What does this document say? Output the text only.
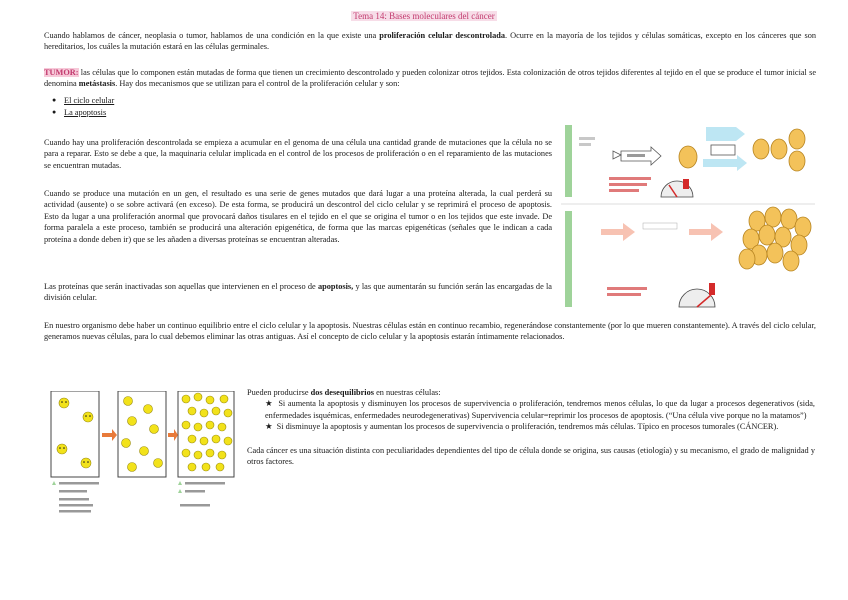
Tema 14: Bases moleculares del cáncer

Cuando hablamos de cáncer, neoplasia o tumor, hablamos de una condición en la que existe una proliferación celular descontrolada. Ocurre en la mayoría de los tejidos y células somáticas, excepto en los cánceres que son hereditarios, los cuáles la mutación estará en las células germinales.

TUMOR: las células que lo componen están mutadas de forma que tienen un crecimiento descontrolado y pueden colonizar otros tejidos. Esta colonización de otros tejidos diferentes al tejido en el que se produce el tumor inicial se denomina metástasis. Hay dos mecanismos que se utilizan para el control de la proliferación celular y son:

● El ciclo celular
● La apoptosis

Cuando hay una proliferación descontrolada se empieza a acumular en el genoma de una célula una cantidad grande de mutaciones que la célula no se para a reparar. Esto se debe a que, la maquinaria celular implicada en el control de los procesos de proliferación o en el reparamiento de las mutaciones se encuentran mutadas.

Cuando se produce una mutación en un gen, el resultado es una serie de genes mutados que dará lugar a una proteína alterada, la cual perderá su actividad (ausente) o se sobre activará (en exceso). De esta forma, se producirá un descontrol del ciclo celular y se reprimirá el proceso de apoptosis. Esto da lugar a una proliferación anormal que provocará daños tisulares en el tejido en el que se origina el tumor o en los tejidos que este invade. De forma paralela a este proceso, también se producirá una alteración epigenética, de forma que las marcas epigenéticas (señales que le indican a cada proteína a donde deben ir) que se les añaden a diversas proteínas se encuentran alteradas.

Las proteínas que serán inactivadas son aquellas que intervienen en el proceso de apoptosis, y las que aumentarán su función serán las encargadas de la división celular.

En nuestro organismo debe haber un continuo equilibrio entre el ciclo celular y la apoptosis. Nuestras células están en continuo recambio, regenerándose constantemente (por lo que mueren constantemente). A través del ciclo celular, generamos nuevas células, para lo cual debemos eliminar las otras antiguas. Así el concepto de ciclo celular y la apoptosis estarán íntimamente relacionados.

Pueden producirse dos desequilibrios en nuestras células:

★ Si aumenta la apoptosis y disminuyen los procesos de supervivencia o proliferación, tendremos menos células, lo que da lugar a procesos degenerativos (sida, enfermedades isquémicas, enfermedades neurodegenerativas) Supervivencia celular=reprimir los procesos de apoptosis. (“Una célula vive porque no la matamos”)

★ Si disminuye la apoptosis y aumentan los procesos de supervivencia o proliferación, tendremos más células. Típico en procesos tumorales (CÁNCER).

Cada cáncer es una situación distinta con peculiaridades dependientes del tipo de célula donde se origina, sus causas (etiología) y su mecanismo, el grado de malignidad y otros factores.
